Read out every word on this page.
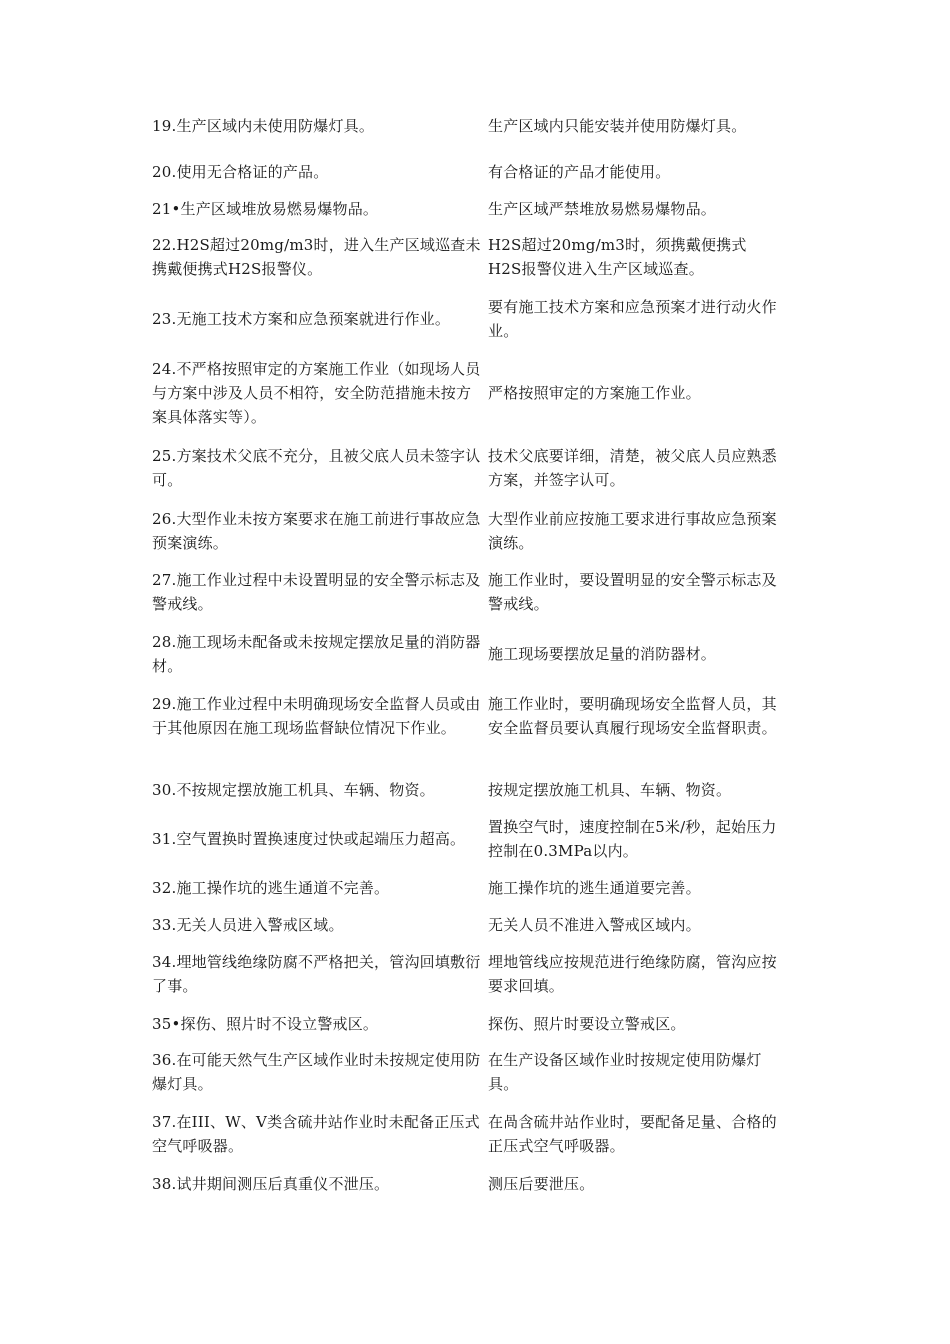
19.生产区域内未使用防爆灯具。	生产区域内只能安装并使用防爆灯具。
20.使用无合格证的产品。	有合格证的产品才能使用。
21•生产区域堆放易燃易爆物品。	生产区域严禁堆放易燃易爆物品。
22.H2S超过20mg/m3时，进入生产区域巡查未携戴便携式H2S报警仪。
H2S超过20mg/m3时，须携戴便携式H2S报警仪进入生产区域巡查。
23.无施工技术方案和应急预案就进行作业。
要有施工技术方案和应急预案才进行动火作业。
24.不严格按照审定的方案施工作业（如现场人员与方案中涉及人员不相符，安全防范措施未按方案具体落实等）。
严格按照审定的方案施工作业。
25.方案技术父底不充分，且被父底人员未签字认可。
技术父底要详细，清楚，被父底人员应熟悉方案，并签字认可。
26.大型作业未按方案要求在施工前进行事故应急预案演练。
大型作业前应按施工要求进行事故应急预案演练。
27.施工作业过程中未设置明显的安全警示标志及警戒线。
施工作业时，要设置明显的安全警示标志及警戒线。
28.施工现场未配备或未按规定摆放足量的消防器材。
施工现场要摆放足量的消防器材。
29.施工作业过程中未明确现场安全监督人员或由于其他原因在施工现场监督缺位情况下作业。
施工作业时，要明确现场安全监督人员，其安全监督员要认真履行现场安全监督职责。
30.不按规定摆放施工机具、车辆、物资。	按规定摆放施工机具、车辆、物资。
31.空气置换时置换速度过快或起端压力超高。
置换空气时，速度控制在5米/秒，起始压力控制在0.3MPa以内。
32.施工操作坑的逃生通道不完善。	施工操作坑的逃生通道要完善。
33.无关人员进入警戒区域。	无关人员不准进入警戒区域内。
34.埋地管线绝缘防腐不严格把关，管沟回填敷衍了事。
埋地管线应按规范进行绝缘防腐，管沟应按要求回填。
35•探伤、照片时不设立警戒区。	探伤、照片时要设立警戒区。
36.在可能天然气生产区域作业时未按规定使用防爆灯具。
在生产设备区域作业时按规定使用防爆灯具。
37.在III、W、V类含硫井站作业时未配备正压式空气呼吸器。
在咼含硫井站作业时，要配备足量、合格的正压式空气呼吸器。
38.试井期间测压后真重仪不泄压。	测压后要泄压。
